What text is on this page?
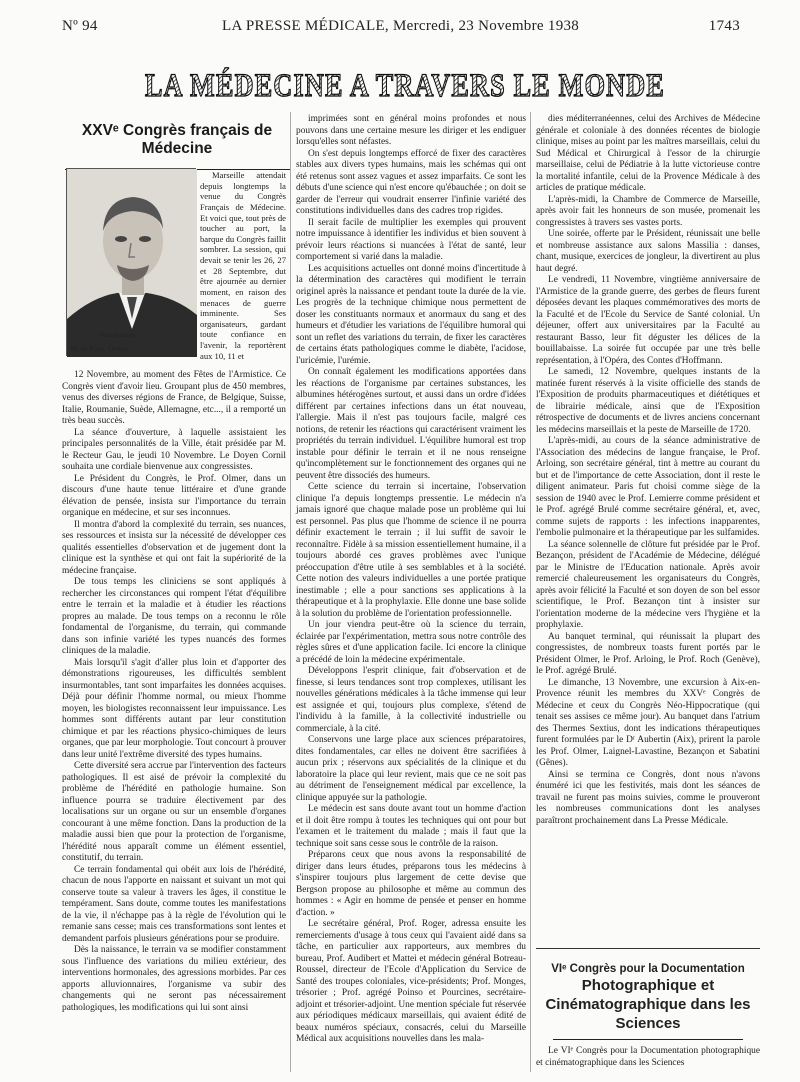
Nº 94	LA PRESSE MÉDICALE, Mercredi, 23 Novembre 1938	1743
LA MÉDECINE A TRAVERS LE MONDE
XXVᵉ Congrès français de Médecine
Photo Boucain.
M. le Prof. Olmer.

Marseille attendait depuis longtemps la venue du Congrès Français de Médecine. Et voici que, tout près de toucher au port, la barque du Congrès faillit sombrer. La session, qui devait se tenir les 26, 27 et 28 Septembre, dut être ajournée au dernier moment, en raison des menaces de guerre imminente. Ses organisateurs, gardant toute confiance en l'avenir, la reportèrent aux 10, 11 et

12 Novembre, au moment des Fêtes de l'Armistice. Ce Congrès vient d'avoir lieu. Groupant plus de 450 membres, venus des diverses régions de France, de Belgique, Suisse, Italie, Roumanie, Suède, Allemagne, etc..., il a remporté un très beau succès.

La séance d'ouverture, à laquelle assistaient les principales personnalités de la Ville, était présidée par M. le Recteur Gau, le jeudi 10 Novembre. Le Doyen Cornil souhaita une cordiale bienvenue aux congressistes.

Le Président du Congrès, le Prof. Olmer, dans un discours d'une haute tenue littéraire et d'une grande élévation de pensée, insista sur l'importance du terrain organique en médecine, et sur ses inconnues.

Il montra d'abord la complexité du terrain, ses nuances, ses ressources et insista sur la nécessité de développer ces qualités essentielles d'observation et de jugement dont la clinique est la synthèse et qui ont fait la supériorité de la médecine française.

De tous temps les cliniciens se sont appliqués à rechercher les circonstances qui rompent l'état d'équilibre entre le terrain et la maladie et à étudier les réactions propres au malade. De tous temps on a reconnu le rôle fondamental de l'organisme, du terrain, qui commande dans son infinie variété les types nuancés des formes cliniques de la maladie.

Mais lorsqu'il s'agit d'aller plus loin et d'apporter des démonstrations rigoureuses, les difficultés semblent insurmontables, tant sont imparfaites les données acquises. Déjà pour définir l'homme normal, ou mieux l'homme moyen, les biologistes reconnaissent leur impuissance. Les hommes sont différents autant par leur constitution chimique et par les réactions physico-chimiques de leurs organes, que par leur morphologie. Tout concourt à prouver dans leur unité l'extrême diversité des types humains.

Cette diversité sera accrue par l'intervention des facteurs pathologiques. Il est aisé de prévoir la complexité du problème de l'hérédité en pathologie humaine. Son influence pourra se traduire électivement par des localisations sur un organe ou sur un ensemble d'organes concourant à une même fonction. Dans la production de la maladie aussi bien que pour la protection de l'organisme, l'hérédité nous apparaît comme un élément essentiel, constitutif, du terrain.

Ce terrain fondamental qui obéit aux lois de l'hérédité, chacun de nous l'apporte en naissant et suivant un mot qui conserve toute sa valeur à travers les âges, il constitue le tempérament. Sans doute, comme toutes les manifestations de la vie, il n'échappe pas à la règle de l'évolution qui le remanie sans cesse; mais ces transformations sont lentes et demandent parfois plusieurs générations pour se produire.

Dès la naissance, le terrain va se modifier constamment sous l'influence des variations du milieu extérieur, des interventions hormonales, des agressions morbides. Par ces apports alluvionnaires, l'organisme va subir des changements qui ne seront pas nécessairement pathologiques, les modifications qui lui sont ainsi

imprimées sont en général moins profondes et nous pouvons dans une certaine mesure les diriger et les endiguer lorsqu'elles sont néfastes.

On s'est depuis longtemps efforcé de fixer des caractères stables aux divers types humains, mais les schémas qui ont été retenus sont assez vagues et assez imparfaits. Ce sont les débuts d'une science qui n'est encore qu'ébauchée ; on doit se garder de l'erreur qui voudrait enserrer l'infinie variété des constitutions individuelles dans des cadres trop rigides.

Il serait facile de multiplier les exemples qui prouvent notre impuissance à identifier les individus et bien souvent à prévoir leurs réactions si nuancées à l'état de santé, leur comportement si varié dans la maladie.

Les acquisitions actuelles ont donné moins d'incertitude à la détermination des caractères qui modifient le terrain originel après la naissance et pendant toute la durée de la vie. Les progrès de la technique chimique nous permettent de doser les constituants normaux et anormaux du sang et des humeurs et d'étudier les variations de l'équilibre humoral qui sont un reflet des variations du terrain, de fixer les caractères de certains états pathologiques comme le diabète, l'acidose, l'uricémie, l'urémie.

On connaît également les modifications apportées dans les réactions de l'organisme par certaines substances, les albumines hétérogènes surtout, et aussi dans un ordre d'idées différent par certaines infections dans un état nouveau, l'allergie. Mais il n'est pas toujours facile, malgré ces notions, de retenir les réactions qui caractérisent vraiment les propriétés du terrain individuel. L'équilibre humoral est trop instable pour définir le terrain et il ne nous renseigne qu'incomplètement sur le fonctionnement des organes qui ne peuvent être dissociés des humeurs.

Cette science du terrain si incertaine, l'observation clinique l'a depuis longtemps pressentie. Le médecin n'a jamais ignoré que chaque malade pose un problème qui lui est personnel. Pas plus que l'homme de science il ne pourra définir exactement le terrain ; il lui suffit de savoir le reconnaître. Fidèle à sa mission essentiellement humaine, il a toujours abordé ces graves problèmes avec l'unique préoccupation d'être utile à ses semblables et à la société. Cette notion des valeurs individuelles a une portée pratique inestimable ; elle a pour sanctions ses applications à la thérapeutique et à la prophylaxie. Elle donne une base solide à la solution du problème de l'orientation professionnelle.

Un jour viendra peut-être où la science du terrain, éclairée par l'expérimentation, mettra sous notre contrôle des règles sûres et d'une application facile. Ici encore la clinique a précédé de loin la médecine expérimentale.

Développons l'esprit clinique, fait d'observation et de finesse, si leurs tendances sont trop complexes, utilisant les nouvelles générations médicales à la tâche immense qui leur est assignée et qui, toujours plus complexe, s'étend de l'individu à la famille, à la collectivité industrielle ou commerciale, à la cité.

Conservons une large place aux sciences préparatoires, dites fondamentales, car elles ne doivent être sacrifiées à aucun prix ; réservons aux spécialités de la clinique et du laboratoire la place qui leur revient, mais que ce ne soit pas au détriment de l'enseignement médical par excellence, la clinique appuyée sur la pathologie.

Le médecin est sans doute avant tout un homme d'action et il doit être rompu à toutes les techniques qui ont pour but l'examen et le traitement du malade ; mais il faut que la technique soit sans cesse sous le contrôle de la raison.

Préparons ceux que nous avons la responsabilité de diriger dans leurs études, préparons tous les médecins à s'inspirer toujours plus largement de cette devise que Bergson propose au philosophe et même au commun des hommes : « Agir en homme de pensée et penser en homme d'action. »

Le secrétaire général, Prof. Roger, adressa ensuite les remerciements d'usage à tous ceux qui l'avaient aidé dans sa tâche, en particulier aux rapporteurs, aux membres du bureau, Prof. Audibert et Mattei et médecin général Botreau-Roussel, directeur de l'Ecole d'Application du Service de Santé des troupes coloniales, vice-présidents; Prof. Monges, trésorier ; Prof. agrégé Poinso et Pourcines, secrétaire-adjoint et trésorier-adjoint. Une mention spéciale fut réservée aux périodiques médicaux marseillais, qui avaient édité de beaux numéros spéciaux, consacrés, celui du Marseille Médical aux acquisitions nouvelles dans les mala-

dies méditerranéennes, celui des Archives de Médecine générale et coloniale à des données récentes de biologie clinique, mises au point par les maîtres marseillais, celui du Sud Médical et Chirurgical à l'essor de la chirurgie marseillaise, celui de Pédiatrie à la lutte victorieuse contre la mortalité infantile, celui de la Provence Médicale à des articles de pratique médicale.

L'après-midi, la Chambre de Commerce de Marseille, après avoir fait les honneurs de son musée, promenait les congressistes à travers ses vastes ports.

Une soirée, offerte par le Président, réunissait une belle et nombreuse assistance aux salons Massilia : danses, chant, musique, exercices de jongleur, la divertirent au plus haut degré.

Le vendredi, 11 Novembre, vingtième anniversaire de l'Armistice de la grande guerre, des gerbes de fleurs furent déposées devant les plaques commémoratives des morts de la Faculté et de l'Ecole du Service de Santé colonial. Un déjeuner, offert aux universitaires par la Faculté au restaurant Basso, leur fit déguster les délices de la bouillabaisse. La soirée fut occupée par une très belle représentation, à l'Opéra, des Contes d'Hoffmann.

Le samedi, 12 Novembre, quelques instants de la matinée furent réservés à la visite officielle des stands de l'Exposition de produits pharmaceutiques et diététiques et de librairie médicale, ainsi que de l'Exposition rétrospective de documents et de livres anciens concernant les médecins marseillais et la peste de Marseille de 1720.

L'après-midi, au cours de la séance administrative de l'Association des médecins de langue française, le Prof. Arloing, son secrétaire général, tint à mettre au courant du but et de l'importance de cette Association, dont il reste le diligent animateur. Paris fut choisi comme siège de la session de 1940 avec le Prof. Lemierre comme président et le Prof. agrégé Brulé comme secrétaire général, et, avec, comme sujets de rapports : les infections inapparentes, l'embolie pulmonaire et la thérapeutique par les sulfamides.

La séance solennelle de clôture fut présidée par le Prof. Bezançon, président de l'Académie de Médecine, délégué par le Ministre de l'Education nationale. Après avoir remercié chaleureusement les organisateurs du Congrès, après avoir félicité la Faculté et son doyen de son bel essor scientifique, le Prof. Bezançon tint à insister sur l'orientation moderne de la médecine vers l'hygiène et la prophylaxie.

Au banquet terminal, qui réunissait la plupart des congressistes, de nombreux toasts furent portés par le Président Olmer, le Prof. Arloing, le Prof. Roch (Genève), le Prof. agrégé Brulé.

Le dimanche, 13 Novembre, une excursion à Aix-en-Provence réunit les membres du XXVᵉ Congrès de Médecine et ceux du Congrès Néo-Hippocratique (qui tenait ses assises ce même jour). Au banquet dans l'atrium des Thermes Sextius, dont les indications thérapeutiques furent formulées par le Dʳ Aubertin (Aix), prirent la parole les Prof. Olmer, Laignel-Lavastine, Bezançon et Sabatini (Gênes).

Ainsi se termina ce Congrès, dont nous n'avons énuméré ici que les festivités, mais dont les séances de travail ne furent pas moins suivies, comme le prouveront les nombreuses communications dont les analyses paraîtront prochainement dans La Presse Médicale.

VIᵉ Congrès pour la Documentation
Photographique et Cinématographique dans les Sciences

Le VIᵉ Congrès pour la Documentation photographique et cinématographique dans les Sciences
